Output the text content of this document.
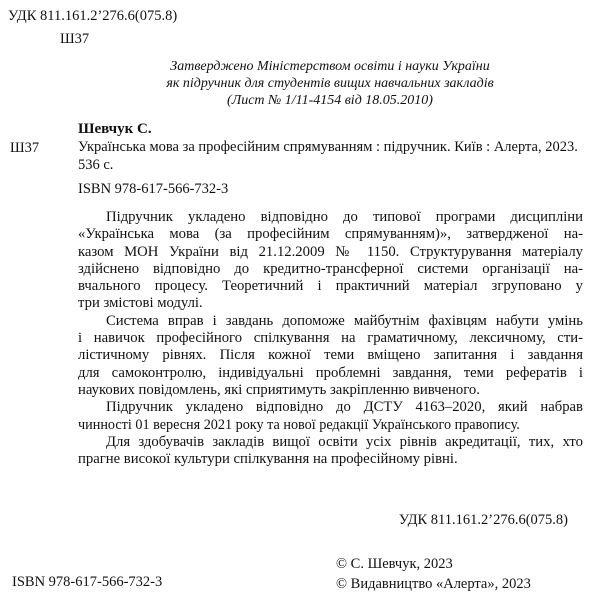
УДК 811.161.2’276.6(075.8)
Ш37
Затверджено Міністерством освіти і науки України
як підручник для студентів вищих навчальних закладів
(Лист № 1/11-4154 від 18.05.2010)
Шевчук С.
Ш37	Українська мова за професійним спрямуванням : підручник. Київ : Алерта, 2023. 536 с.
ISBN 978-617-566-732-3
Підручник укладено відповідно до типової програми дисципліни
«Українська мова (за професійним спрямуванням)», затвердженої на-
казом МОН України від 21.12.2009 № 1150. Структурування матеріалу
здійснено відповідно до кредитно-трансферної системи організації на-
вчального процесу. Теоретичний і практичний матеріал згруповано у
три змістові модулі.
Система вправ і завдань допоможе майбутнім фахівцям набути умінь
і навичок професійного спілкування на граматичному, лексичному, сти-
лістичному рівнях. Після кожної теми вміщено запитання і завдання
для самоконтролю, індивідуальні проблемні завдання, теми рефератів і
наукових повідомлень, які сприятимуть закріпленню вивченого.
Підручник укладено відповідно до ДСТУ 4163–2020, який набрав
чинності 01 вересня 2021 року та нової редакції Українського правопису.
Для здобувачів закладів вищої освіти усіх рівнів акредитації, тих, хто
прагне високої культури спілкування на професійному рівні.
УДК 811.161.2’276.6(075.8)
ISBN 978-617-566-732-3
© С. Шевчук, 2023
© Видавництво «Алерта», 2023
